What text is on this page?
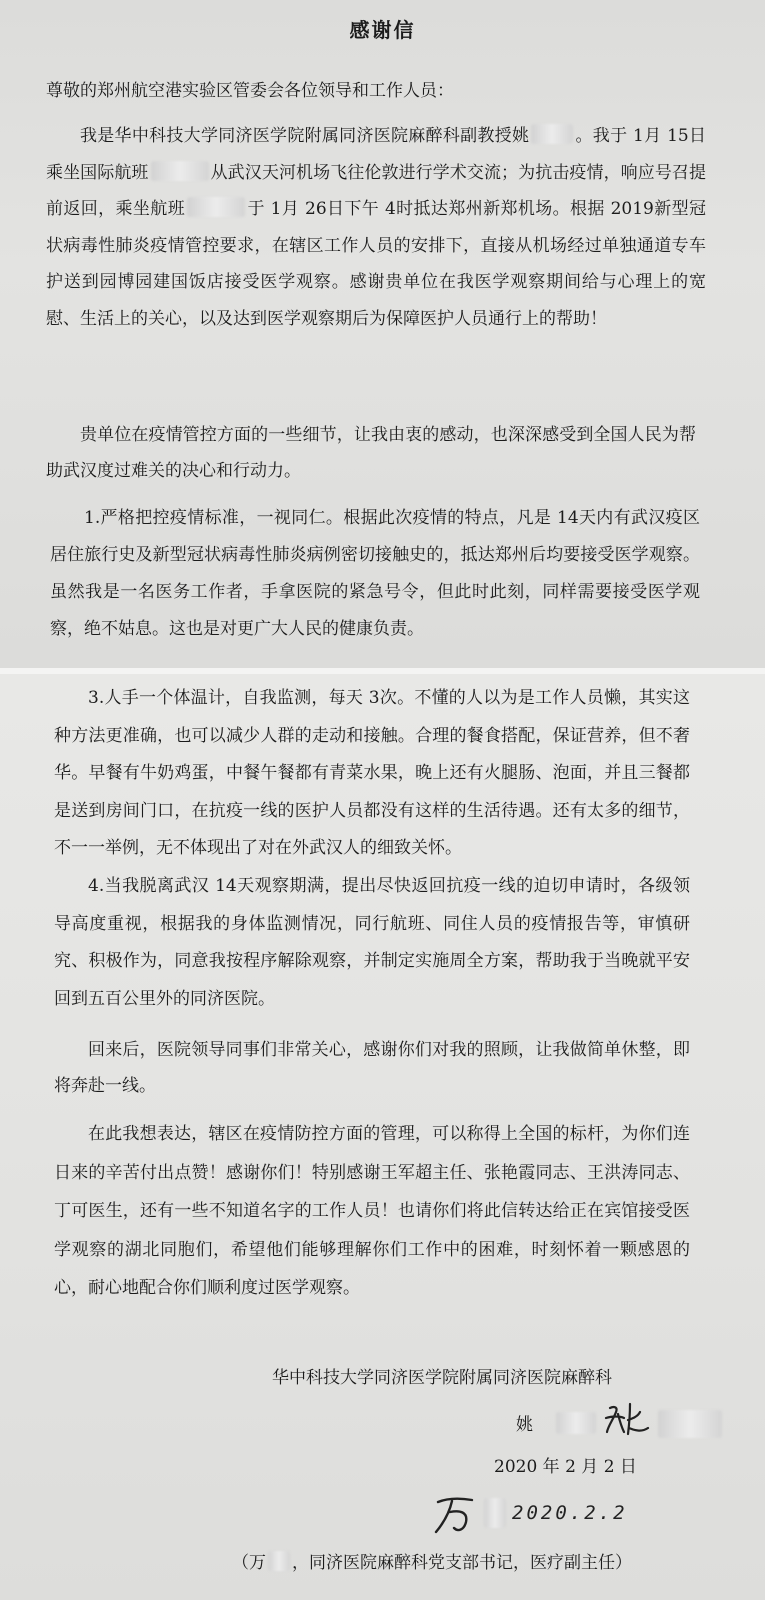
感谢信
尊敬的郑州航空港实验区管委会各位领导和工作人员：

我是华中科技大学同济医学院附属同济医院麻醉科副教授姚	。我于 1月 15日乘坐国际航班	从武汉天河机场飞往伦敦进行学术交流；为抗击疫情，响应号召提前返回，乘坐航班	于 1月 26日下午 4时抵达郑州新郑机场。根据 2019新型冠状病毒性肺炎疫情管控要求，在辖区工作人员的安排下，直接从机场经过单独通道专车护送到园博园建国饭店接受医学观察。感谢贵单位在我医学观察期间给与心理上的宽慰、生活上的关心，以及达到医学观察期后为保障医护人员通行上的帮助！

贵单位在疫情管控方面的一些细节，让我由衷的感动，也深深感受到全国人民为帮助武汉度过难关的决心和行动力。

1.严格把控疫情标准，一视同仁。根据此次疫情的特点，凡是 14天内有武汉疫区居住旅行史及新型冠状病毒性肺炎病例密切接触史的，抵达郑州后均要接受医学观察。虽然我是一名医务工作者，手拿医院的紧急号令，但此时此刻，同样需要接受医学观察，绝不姑息。这也是对更广大人民的健康负责。

3.人手一个体温计，自我监测，每天 3次。不懂的人以为是工作人员懒，其实这种方法更准确，也可以减少人群的走动和接触。合理的餐食搭配，保证营养，但不奢华。早餐有牛奶鸡蛋，中餐午餐都有青菜水果，晚上还有火腿肠、泡面，并且三餐都是送到房间门口，在抗疫一线的医护人员都没有这样的生活待遇。还有太多的细节，不一一举例，无不体现出了对在外武汉人的细致关怀。

4.当我脱离武汉 14天观察期满，提出尽快返回抗疫一线的迫切申请时，各级领导高度重视，根据我的身体监测情况，同行航班、同住人员的疫情报告等，审慎研究、积极作为，同意我按程序解除观察，并制定实施周全方案，帮助我于当晚就平安回到五百公里外的同济医院。

回来后，医院领导同事们非常关心，感谢你们对我的照顾，让我做简单休整，即将奔赴一线。

在此我想表达，辖区在疫情防控方面的管理，可以称得上全国的标杆，为你们连日来的辛苦付出点赞！感谢你们！特别感谢王军超主任、张艳霞同志、王洪涛同志、丁可医生，还有一些不知道名字的工作人员！也请你们将此信转达给正在宾馆接受医学观察的湖北同胞们，希望他们能够理解你们工作中的困难，时刻怀着一颗感恩的心，耐心地配合你们顺利度过医学观察。

华中科技大学同济医学院附属同济医院麻醉科
姚
2020 年 2 月 2 日
2020.2.2
（万 ，同济医院麻醉科党支部书记，医疗副主任）
